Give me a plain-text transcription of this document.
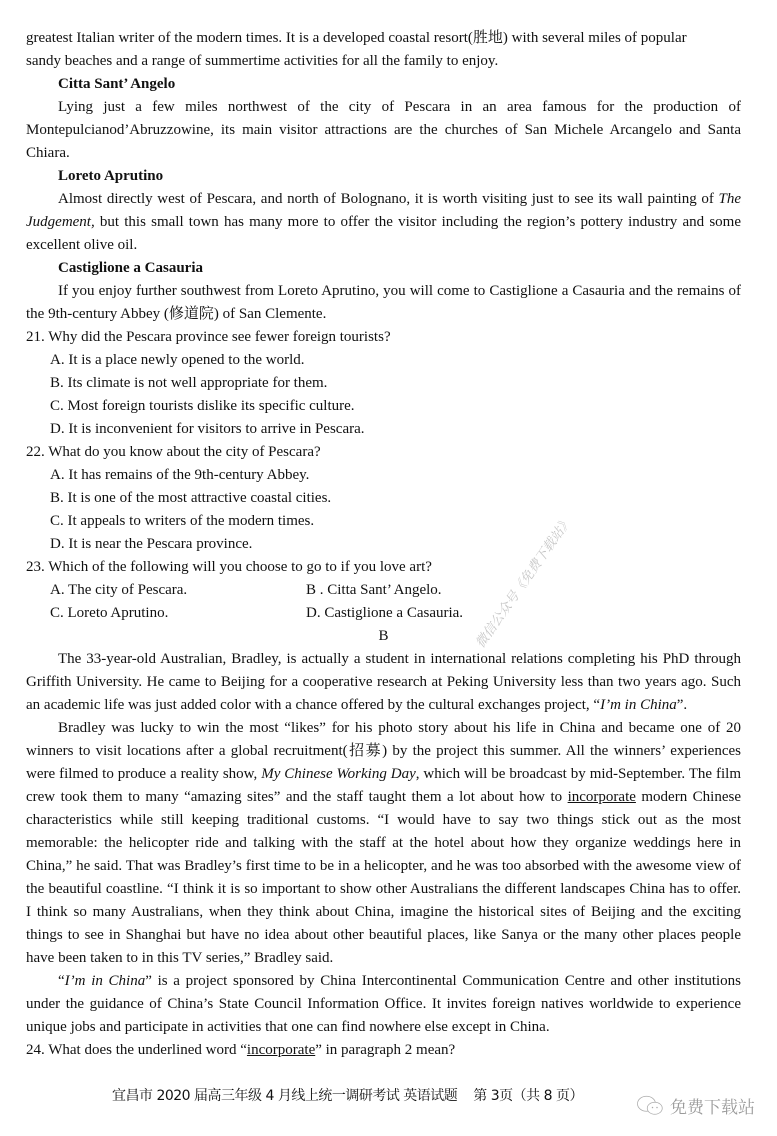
greatest Italian writer of the modern times. It is a developed coastal resort(胜地) with several miles of popular
sandy beaches and a range of summertime activities for all the family to enjoy.
Citta Sant’ Angelo

Lying just a few miles northwest of the city of Pescara in an area famous for the production of Montepulcianod’Abruzzowine, its main visitor attractions are the churches of San Michele Arcangelo and Santa Chiara.

Loreto Aprutino

Almost directly west of Pescara, and north of Bolognano, it is worth visiting just to see its wall painting of The Judgement, but this small town has many more to offer the visitor including the region’s pottery industry and some excellent olive oil.

Castiglione a Casauria

If you enjoy further southwest from Loreto Aprutino, you will come to Castiglione a Casauria and the remains of the 9th-century Abbey (修道院) of San Clemente.

21. Why did the Pescara province see fewer foreign tourists?
A. It is a place newly opened to the world.
B. Its climate is not well appropriate for them.
C. Most foreign tourists dislike its specific culture.
D. It is inconvenient for visitors to arrive in Pescara.
22. What do you know about the city of Pescara?
A. It has remains of the 9th-century Abbey.
B. It is one of the most attractive coastal cities.
C. It appeals to writers of the modern times.
D. It is near the Pescara province.
23. Which of the following will you choose to go to if you love art?
A. The city of Pescara.	B . Citta Sant’ Angelo.
C. Loreto Aprutino.	D. Castiglione a Casauria.
B

The 33-year-old Australian, Bradley, is actually a student in international relations completing his PhD through Griffith University. He came to Beijing for a cooperative research at Peking University less than two years ago. Such an academic life was just added color with a chance offered by the cultural exchanges project, “I’m in China”.

Bradley was lucky to win the most “likes” for his photo story about his life in China and became one of 20 winners to visit locations after a global recruitment(招募) by the project this summer. All the winners’ experiences were filmed to produce a reality show, My Chinese Working Day, which will be broadcast by mid-September. The film crew took them to many “amazing sites” and the staff taught them a lot about how to incorporate modern Chinese characteristics while still keeping traditional customs. “I would have to say two things stick out as the most memorable: the helicopter ride and talking with the staff at the hotel about how they organize weddings here in China,” he said. That was Bradley’s first time to be in a helicopter, and he was too absorbed with the awesome view of the beautiful coastline. “I think it is so important to show other Australians the different landscapes China has to offer. I think so many Australians, when they think about China, imagine the historical sites of Beijing and the exciting things to see in Shanghai but have no idea about other beautiful places, like Sanya or the many other places people have been taken to in this TV series,” Bradley said.

“I’m in China” is a project sponsored by China Intercontinental Communication Centre and other institutions under the guidance of China’s State Council Information Office. It invites foreign natives worldwide to experience unique jobs and participate in activities that one can find nowhere else except in China.

24. What does the underlined word “incorporate” in paragraph 2 mean?
宜昌市 2020 届高三年级 4 月线上统一调研考试 英语试题 第 3页（共 8 页）
微信公众号《免费下载站》
免费下载站
